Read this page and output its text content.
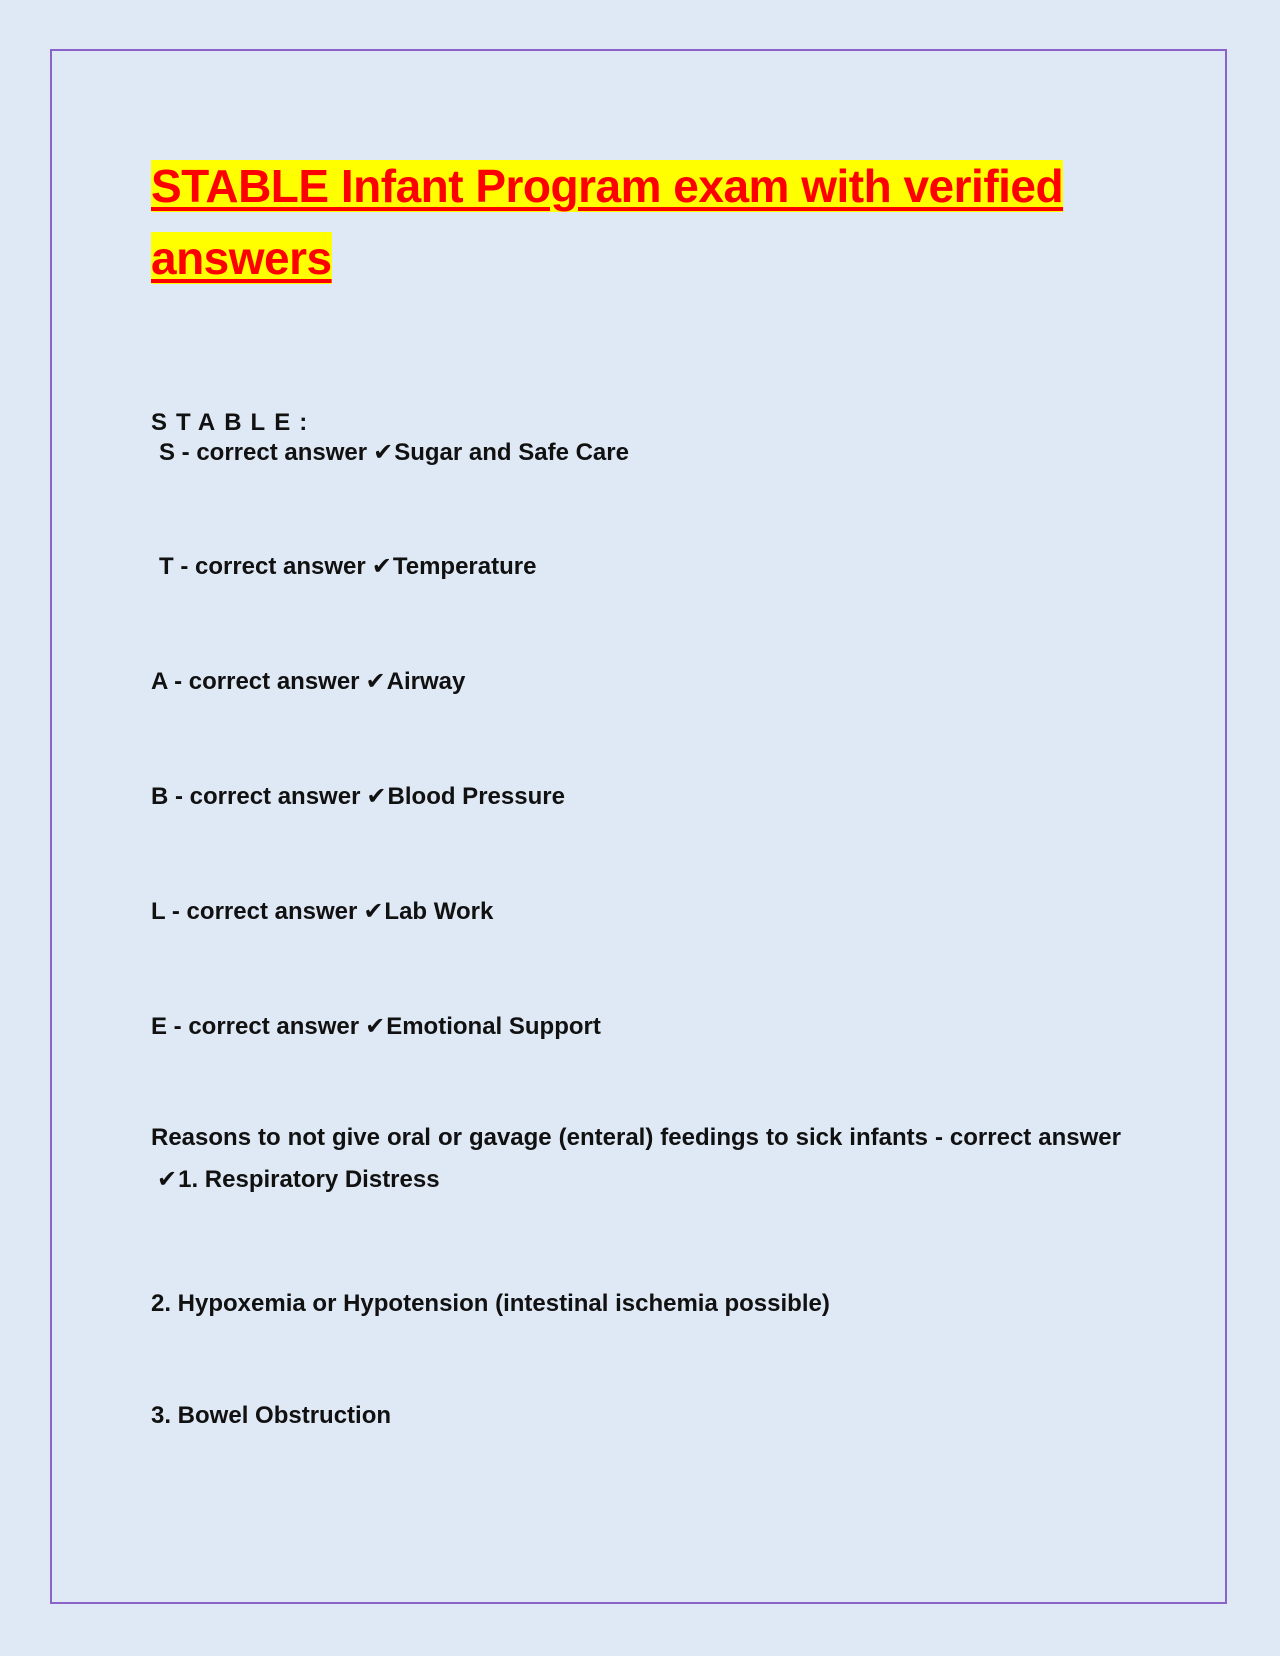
STABLE Infant Program exam with verified answers

STABLE:

S - correct answer ✔Sugar and Safe Care

T - correct answer ✔Temperature

A - correct answer ✔Airway

B - correct answer ✔Blood Pressure

L - correct answer ✔Lab Work

E - correct answer ✔Emotional Support

Reasons to not give oral or gavage (enteral) feedings to sick infants - correct answer ✔1. Respiratory Distress

2. Hypoxemia or Hypotension (intestinal ischemia possible)

3. Bowel Obstruction
